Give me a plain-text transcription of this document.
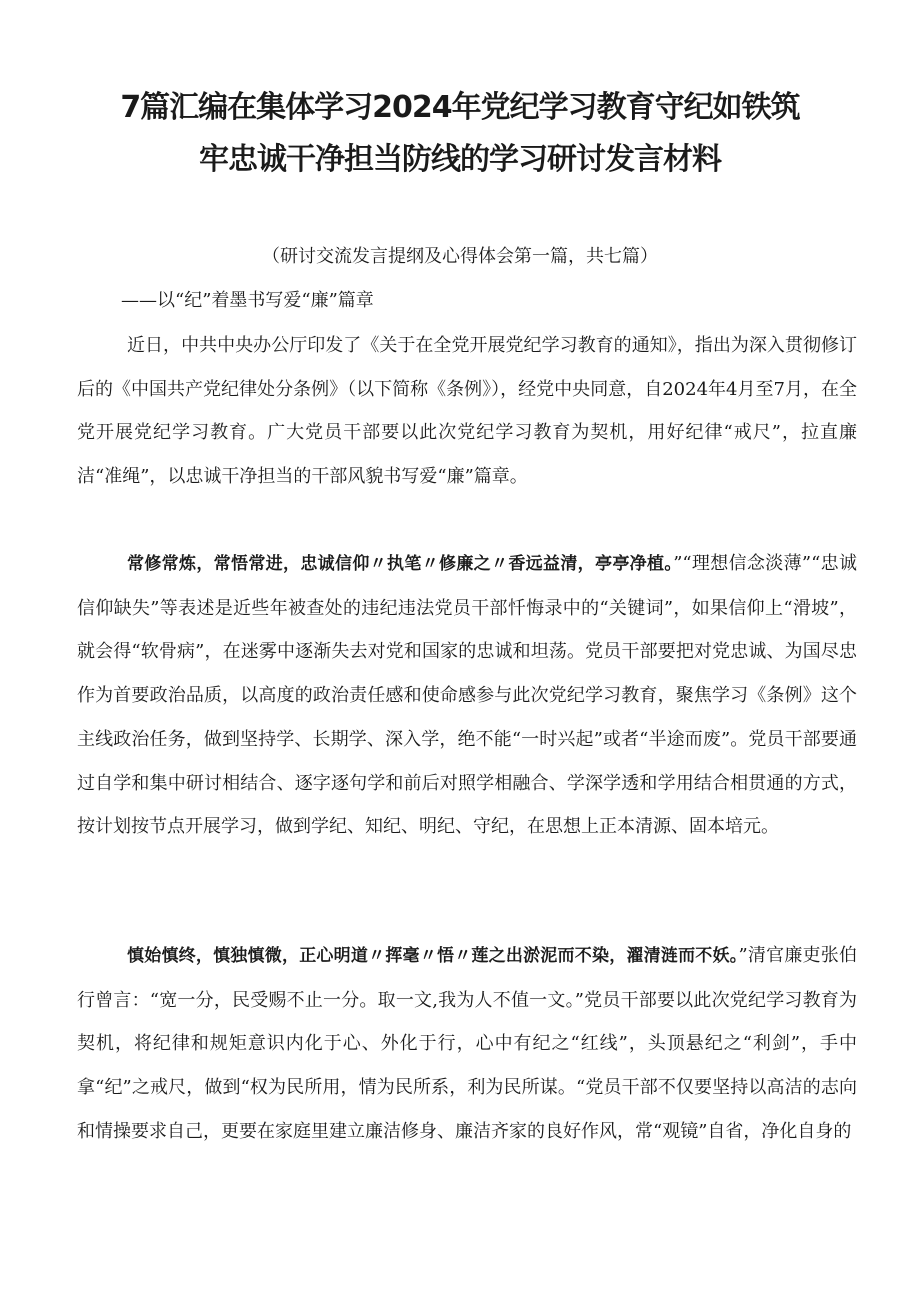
7篇汇编在集体学习2024年党纪学习教育守纪如铁筑
牢忠诚干净担当防线的学习研讨发言材料
（研讨交流发言提纲及心得体会第一篇，共七篇）
——以“纪”着墨书写爱“廉”篇章

近日，中共中央办公厅印发了《关于在全党开展党纪学习教育的通知》，指出为深入贯彻修订后的《中国共产党纪律处分条例》（以下简称《条例》），经党中央同意，自2024年4月至7月，在全党开展党纪学习教育。广大党员干部要以此次党纪学习教育为契机，用好纪律“戒尺”，拉直廉洁“准绳”，以忠诚干净担当的干部风貌书写爱“廉”篇章。

常修常炼，常悟常进，忠诚信仰〃执笔〃修廉之〃香远益清，亭亭净植。”“理想信念淡薄”“忠诚信仰缺失”等表述是近些年被查处的违纪违法党员干部忏悔录中的“关键词”，如果信仰上“滑坡”，就会得“软骨病”，在迷雾中逐渐失去对党和国家的忠诚和坦荡。党员干部要把对党忠诚、为国尽忠作为首要政治品质，以高度的政治责任感和使命感参与此次党纪学习教育，聚焦学习《条例》这个主线政治任务，做到坚持学、长期学、深入学，绝不能“一时兴起”或者“半途而废”。党员干部要通过自学和集中研讨相结合、逐字逐句学和前后对照学相融合、学深学透和学用结合相贯通的方式，按计划按节点开展学习，做到学纪、知纪、明纪、守纪，在思想上正本清源、固本培元。

慎始慎终，慎独慎微，正心明道〃挥毫〃悟〃莲之出淤泥而不染，濯清涟而不妖。”清官廉吏张伯行曾言：“宽一分，民受赐不止一分。取一文,我为人不值一文。”党员干部要以此次党纪学习教育为契机，将纪律和规矩意识内化于心、外化于行，心中有纪之“红线”，头顶悬纪之“利剑”，手中拿“纪”之戒尺，做到“权为民所用，情为民所系，利为民所谋。“党员干部不仅要坚持以高洁的志向和情操要求自己，更要在家庭里建立廉洁修身、廉洁齐家的良好作风，常“观镜”自省，净化自身的
